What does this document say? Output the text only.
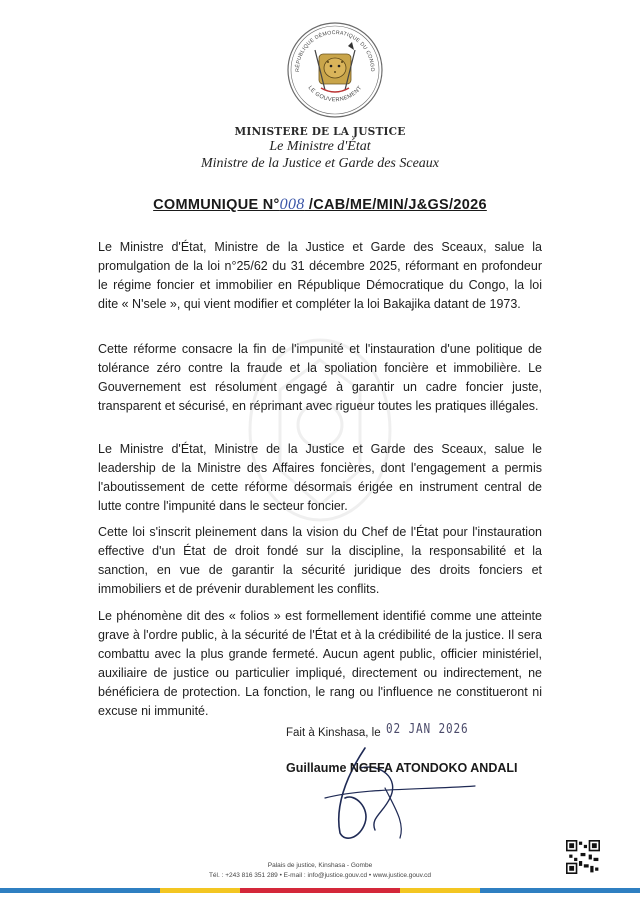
RÉPUBLIQUE DÉMOCRATIQUE DU CONGO
LE GOUVERNEMENT
MINISTERE DE LA JUSTICE
Le Ministre d'État
Ministre de la Justice et Garde des Sceaux
COMMUNIQUE N°008 /CAB/ME/MIN/J&GS/2026
Le Ministre d'État, Ministre de la Justice et Garde des Sceaux, salue la promulgation de la loi n°25/62 du 31 décembre 2025, réformant en profondeur le régime foncier et immobilier en République Démocratique du Congo, la loi dite « N'sele », qui vient modifier et compléter la loi Bakajika datant de 1973.
Cette réforme consacre la fin de l'impunité et l'instauration d'une politique de tolérance zéro contre la fraude et la spoliation foncière et immobilière. Le Gouvernement est résolument engagé à garantir un cadre foncier juste, transparent et sécurisé, en réprimant avec rigueur toutes les pratiques illégales.
Le Ministre d'État, Ministre de la Justice et Garde des Sceaux, salue le leadership de la Ministre des Affaires foncières, dont l'engagement a permis l'aboutissement de cette réforme désormais érigée en instrument central de lutte contre l'impunité dans le secteur foncier.
Cette loi s'inscrit pleinement dans la vision du Chef de l'État pour l'instauration effective d'un État de droit fondé sur la discipline, la responsabilité et la sanction, en vue de garantir la sécurité juridique des droits fonciers et immobiliers et de prévenir durablement les conflits.
Le phénomène dit des « folios » est formellement identifié comme une atteinte grave à l'ordre public, à la sécurité de l'État et à la crédibilité de la justice. Il sera combattu avec la plus grande fermeté. Aucun agent public, officier ministériel, auxiliaire de justice ou particulier impliqué, directement ou indirectement, ne bénéficiera de protection. La fonction, le rang ou l'influence ne constitueront ni excuse ni immunité.
Fait à Kinshasa, le 02 JAN 2026
Guillaume NGEFA ATONDOKO ANDALI
Palais de justice, Kinshasa - Gombe
Tél. : +243 816 351 289 • E-mail : info@justice.gouv.cd • www.justice.gouv.cd
